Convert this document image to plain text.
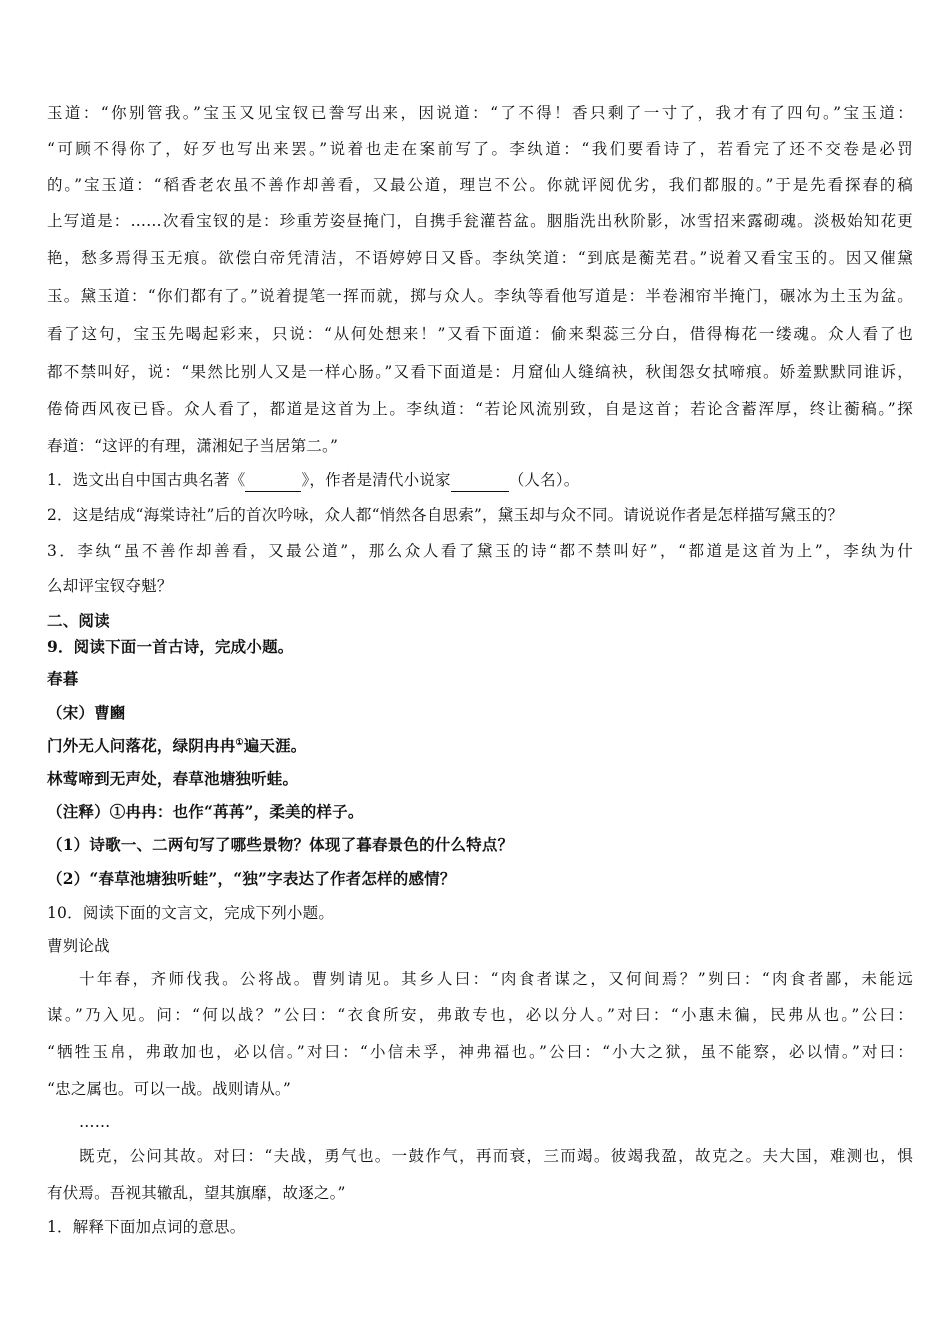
玉道：“你别管我。”宝玉又见宝钗已誊写出来，因说道：“了不得！香只剩了一寸了，我才有了四句。”宝玉道：
“可顾不得你了，好歹也写出来罢。”说着也走在案前写了。李纨道：“我们要看诗了，若看完了还不交卷是必罚
的。”宝玉道：“稻香老农虽不善作却善看，又最公道，理岂不公。你就评阅优劣，我们都服的。”于是先看探春的稿
上写道是：……次看宝钗的是：珍重芳姿昼掩门，自携手瓮灌苔盆。胭脂洗出秋阶影，冰雪招来露砌魂。淡极始知花更
艳，愁多焉得玉无痕。欲偿白帝凭清洁，不语婷婷日又昏。李纨笑道：“到底是蘅芜君。”说着又看宝玉的。因又催黛
玉。黛玉道：“你们都有了。”说着提笔一挥而就，掷与众人。李纨等看他写道是：半卷湘帘半掩门，碾冰为土玉为盆。
看了这句，宝玉先喝起彩来，只说：“从何处想来！”又看下面道：偷来梨蕊三分白，借得梅花一缕魂。众人看了也
都不禁叫好，说：“果然比别人又是一样心肠。”又看下面道是：月窟仙人缝缟袂，秋闺怨女拭啼痕。娇羞默默同谁诉，
倦倚西风夜已昏。众人看了，都道是这首为上。李纨道：“若论风流别致，自是这首；若论含蓄浑厚，终让蘅稿。”探
春道：“这评的有理，潇湘妃子当居第二。”
1．选文出自中国古典名著《	》，作者是清代小说家	（人名）。
2．这是结成“海棠诗社”后的首次吟咏，众人都“悄然各自思索”，黛玉却与众不同。请说说作者是怎样描写黛玉的？
3．李纨“虽不善作却善看，又最公道”，那么众人看了黛玉的诗“都不禁叫好”，“都道是这首为上”，李纨为什
么却评宝钗夺魁？
二、阅读
9．阅读下面一首古诗，完成小题。
春暮
（宋）曹豳
门外无人问落花，绿阴冉冉①遍天涯。
林莺啼到无声处，春草池塘独听蛙。
（注释）①冉冉：也作“苒苒”，柔美的样子。
（1）诗歌一、二两句写了哪些景物？体现了暮春景色的什么特点？
（2）“春草池塘独听蛙”，“独”字表达了作者怎样的感情？
10．阅读下面的文言文，完成下列小题。
曹刿论战
十年春，齐师伐我。公将战。曹刿请见。其乡人曰：“肉食者谋之，又何间焉？”刿曰：“肉食者鄙，未能远
谋。”乃入见。问：“何以战？”公曰：“衣食所安，弗敢专也，必以分人。”对曰：“小惠未徧，民弗从也。”公曰：
“牺牲玉帛，弗敢加也，必以信。”对曰：“小信未孚，神弗福也。”公曰：“小大之狱，虽不能察，必以情。”对曰：
“忠之属也。可以一战。战则请从。”
……
既克，公问其故。对曰：“夫战，勇气也。一鼓作气，再而衰，三而竭。彼竭我盈，故克之。夫大国，难测也，惧
有伏焉。吾视其辙乱，望其旗靡，故逐之。”
1．解释下面加点词的意思。
